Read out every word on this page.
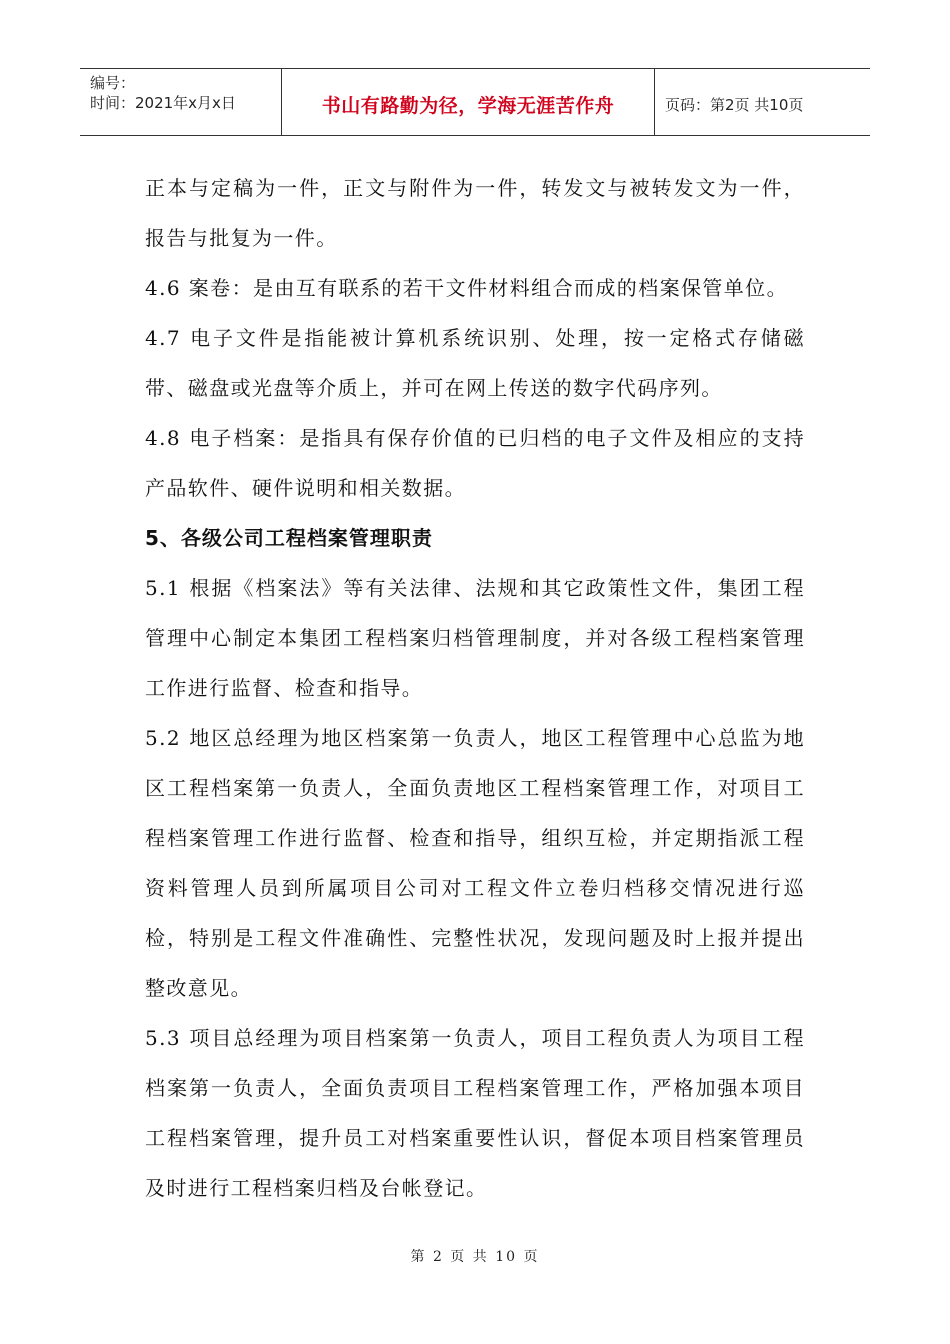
编号：
时间：2021年x月x日	书山有路勤为径，学海无涯苦作舟	页码：第2页 共10页

正本与定稿为一件，正文与附件为一件，转发文与被转发文为一件，报告与批复为一件。

4.6 案卷：是由互有联系的若干文件材料组合而成的档案保管单位。

4.7 电子文件是指能被计算机系统识别、处理，按一定格式存储磁带、磁盘或光盘等介质上，并可在网上传送的数字代码序列。

4.8 电子档案：是指具有保存价值的已归档的电子文件及相应的支持产品软件、硬件说明和相关数据。

5、各级公司工程档案管理职责

5.1 根据《档案法》等有关法律、法规和其它政策性文件，集团工程管理中心制定本集团工程档案归档管理制度，并对各级工程档案管理工作进行监督、检查和指导。

5.2 地区总经理为地区档案第一负责人，地区工程管理中心总监为地区工程档案第一负责人，全面负责地区工程档案管理工作，对项目工程档案管理工作进行监督、检查和指导，组织互检，并定期指派工程资料管理人员到所属项目公司对工程文件立卷归档移交情况进行巡检，特别是工程文件准确性、完整性状况，发现问题及时上报并提出整改意见。

5.3 项目总经理为项目档案第一负责人，项目工程负责人为项目工程档案第一负责人，全面负责项目工程档案管理工作，严格加强本项目工程档案管理，提升员工对档案重要性认识，督促本项目档案管理员及时进行工程档案归档及台帐登记。

第 2 页 共 10 页
